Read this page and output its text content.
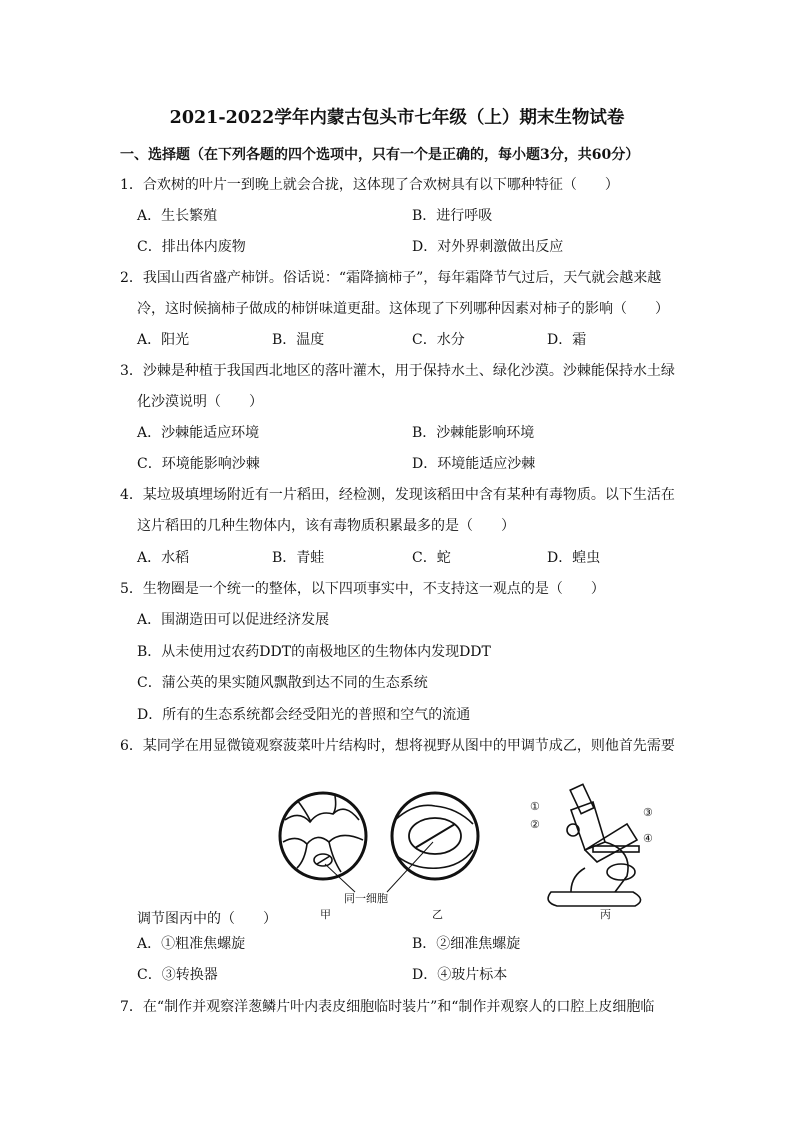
2021-2022学年内蒙古包头市七年级（上）期末生物试卷
一、选择题（在下列各题的四个选项中，只有一个是正确的，每小题3分，共60分）
1．合欢树的叶片一到晚上就会合拢，这体现了合欢树具有以下哪种特征（　　）
A．生长繁殖	B．进行呼吸
C．排出体内废物	D．对外界刺激做出反应
2．我国山西省盛产柿饼。俗话说：“霜降摘柿子”，每年霜降节气过后，天气就会越来越
冷，这时候摘柿子做成的柿饼味道更甜。这体现了下列哪种因素对柿子的影响（　　）
A．阳光	B．温度	C．水分	D．霜
3．沙棘是种植于我国西北地区的落叶灌木，用于保持水土、绿化沙漠。沙棘能保持水土绿
化沙漠说明（　　）
A．沙棘能适应环境	B．沙棘能影响环境
C．环境能影响沙棘	D．环境能适应沙棘
4．某垃圾填埋场附近有一片稻田，经检测，发现该稻田中含有某种有毒物质。以下生活在
这片稻田的几种生物体内，该有毒物质积累最多的是（　　）
A．水稻	B．青蛙	C．蛇	D．蝗虫
5．生物圈是一个统一的整体，以下四项事实中，不支持这一观点的是（　　）
A．围湖造田可以促进经济发展
B．从未使用过农药DDT的南极地区的生物体内发现DDT
C．蒲公英的果实随风飘散到达不同的生态系统
D．所有的生态系统都会经受阳光的普照和空气的流通
6．某同学在用显微镜观察菠菜叶片结构时，想将视野从图中的甲调节成乙，则他首先需要
①
②
③
④
同一细胞
甲	乙	丙
调节图丙中的（　　）
A．①粗准焦螺旋	B．②细准焦螺旋
C．③转换器	D．④玻片标本
7．在“制作并观察洋葱鳞片叶内表皮细胞临时装片”和“制作并观察人的口腔上皮细胞临
